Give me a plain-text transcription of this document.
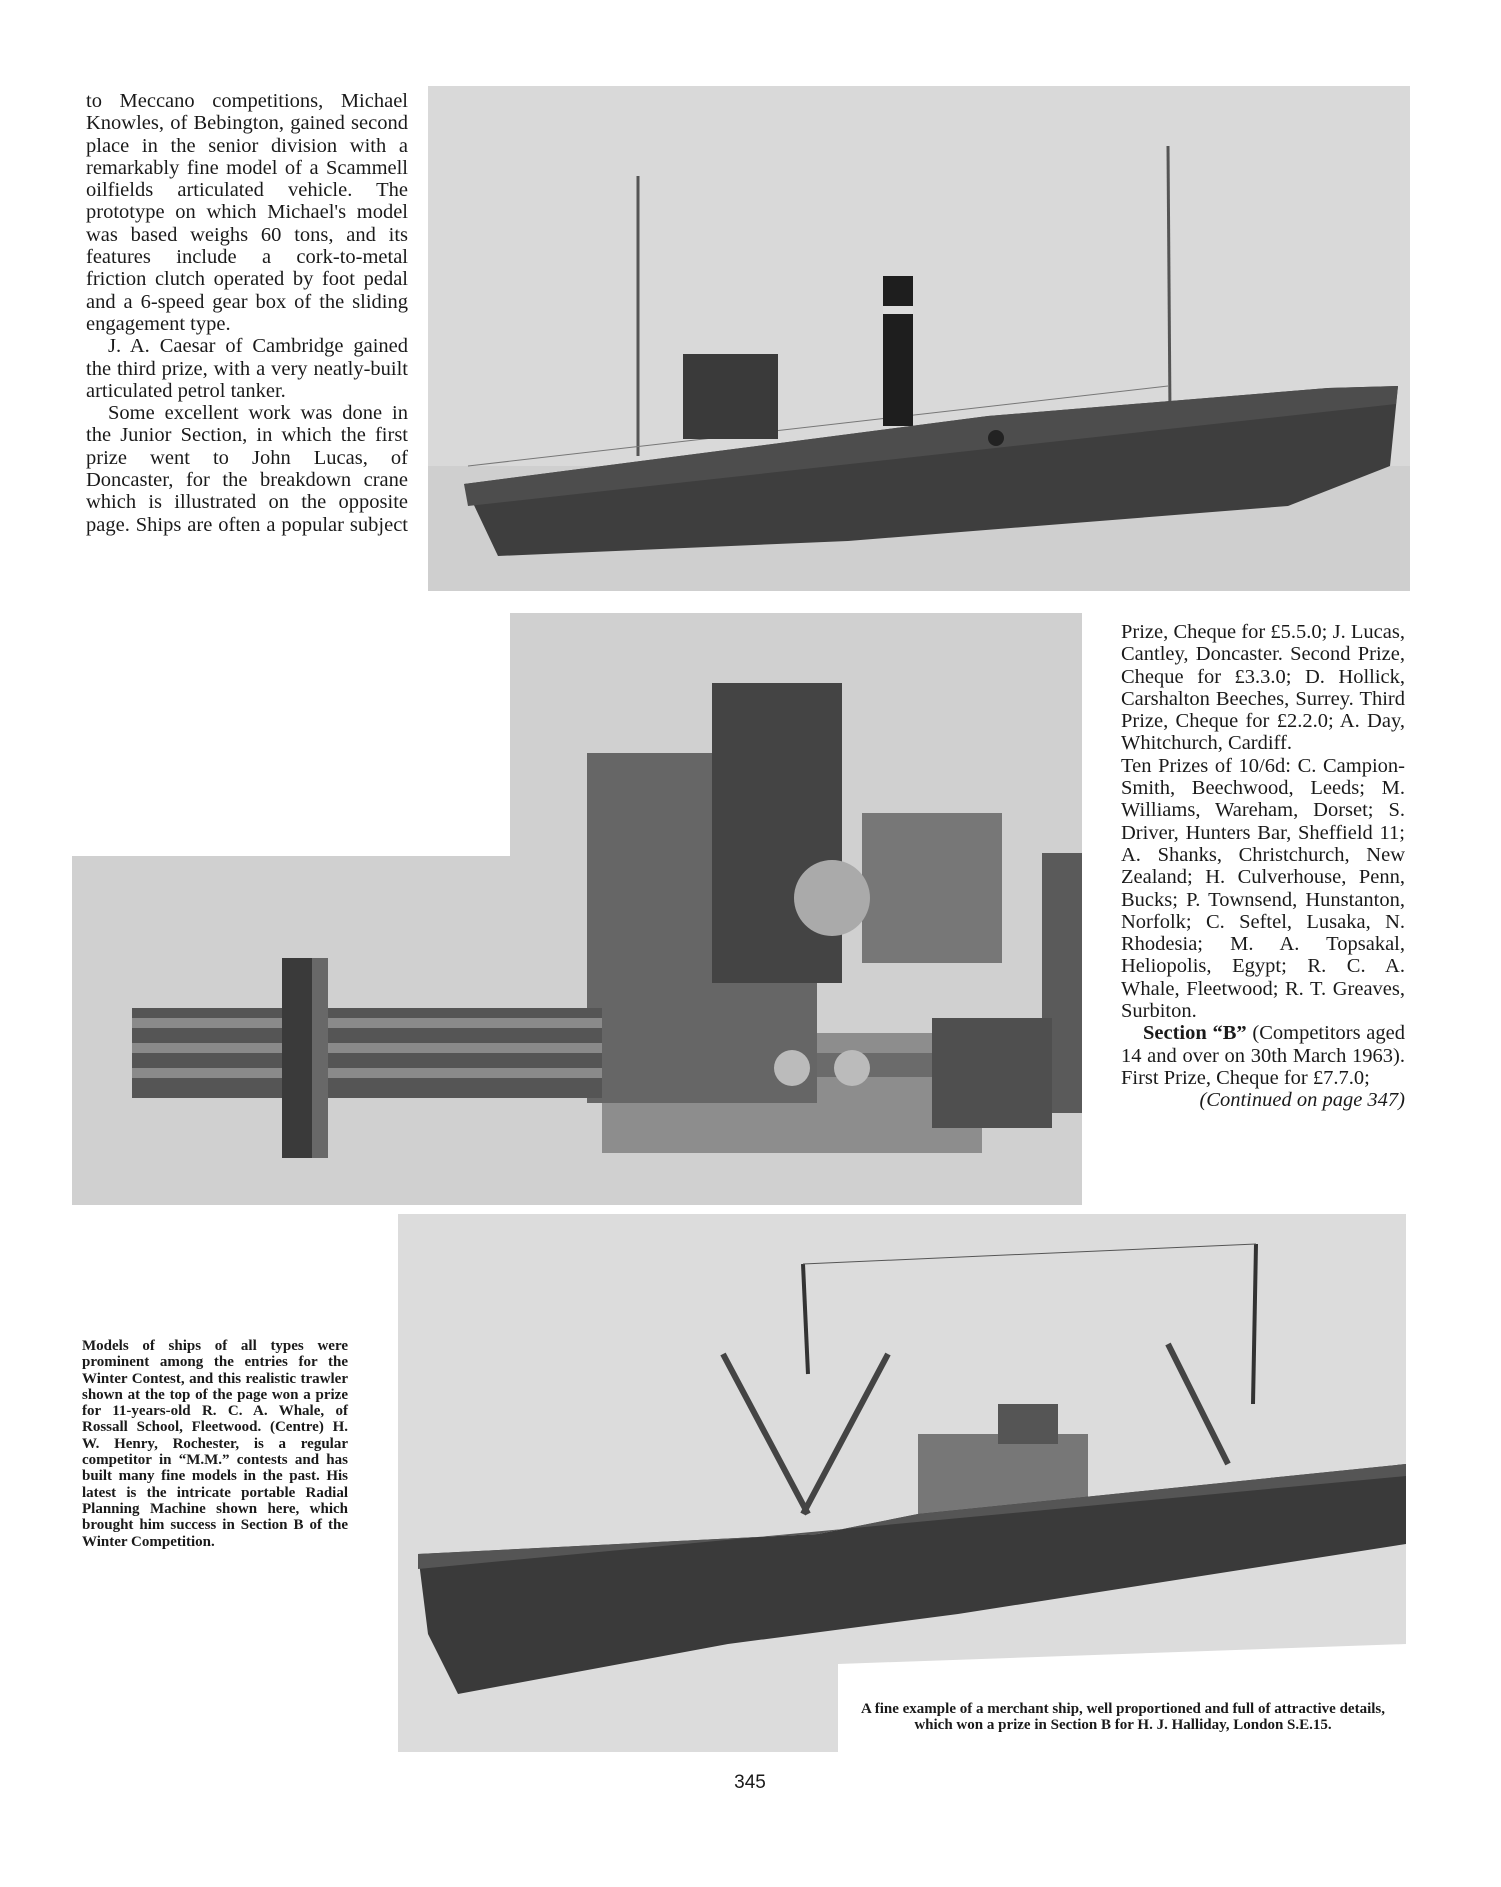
to Meccano competitions, Michael Knowles, of Bebington, gained second place in the senior division with a remarkably fine model of a Scammell oilfields articulated vehicle. The prototype on which Michael's model was based weighs 60 tons, and its features include a cork-to-metal friction clutch operated by foot pedal and a 6-speed gear box of the sliding engagement type.

J. A. Caesar of Cambridge gained the third prize, with a very neatly-built articulated petrol tanker.

Some excellent work was done in the Junior Section, in which the first prize went to John Lucas, of Doncaster, for the breakdown crane which is illustrated on the opposite page. Ships are often a popular subject

Prize, Cheque for £5.5.0; J. Lucas, Cantley, Doncaster. Second Prize, Cheque for £3.3.0; D. Hollick, Carshalton Beeches, Surrey. Third Prize, Cheque for £2.2.0; A. Day, Whitchurch, Cardiff.

Ten Prizes of 10/6d: C. Campion-Smith, Beechwood, Leeds; M. Williams, Wareham, Dorset; S. Driver, Hunters Bar, Sheffield 11; A. Shanks, Christchurch, New Zealand; H. Culverhouse, Penn, Bucks; P. Townsend, Hunstanton, Norfolk; C. Seftel, Lusaka, N. Rhodesia; M. A. Topsakal, Heliopolis, Egypt; R. C. A. Whale, Fleetwood; R. T. Greaves, Surbiton.

Section “B” (Competitors aged 14 and over on 30th March 1963). First Prize, Cheque for £7.7.0;

(Continued on page 347)

Models of ships of all types were prominent among the entries for the Winter Contest, and this realistic trawler shown at the top of the page won a prize for 11-years-old R. C. A. Whale, of Rossall School, Fleetwood. (Centre) H. W. Henry, Rochester, is a regular competitor in “M.M.” contests and has built many fine models in the past. His latest is the intricate portable Radial Planning Machine shown here, which brought him success in Section B of the Winter Competition.
A fine example of a merchant ship, well proportioned and full of attractive details, which won a prize in Section B for H. J. Halliday, London S.E.15.
345
